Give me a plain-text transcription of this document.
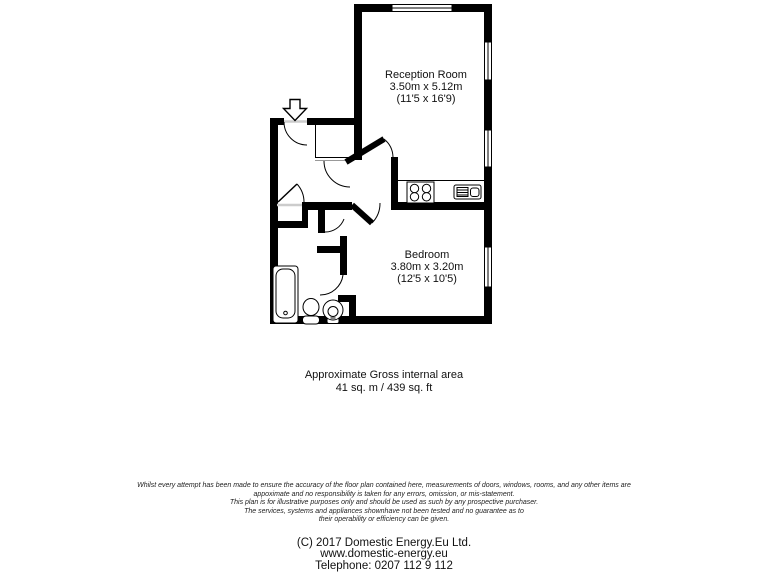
Reception Room
3.50m x 5.12m
(11'5 x 16'9)
Bedroom
3.80m x 3.20m
(12'5 x 10'5)
Approximate Gross internal area
41 sq. m / 439 sq. ft
Whilst every attempt has been made to ensure the accuracy of the floor plan contained here, measurements of doors, windows, rooms, and any other items are
appoximate and no responsibility is taken for any errors, omission, or mis-statement.
This plan is for illustrative purposes only and should be used as such by any prospective purchaser.
The services, systems and appliances shownhave not been tested and no guarantee as to
their operability or efficiency can be given.
(C) 2017 Domestic Energy.Eu Ltd.
www.domestic-energy.eu
Telephone: 0207 112 9 112
